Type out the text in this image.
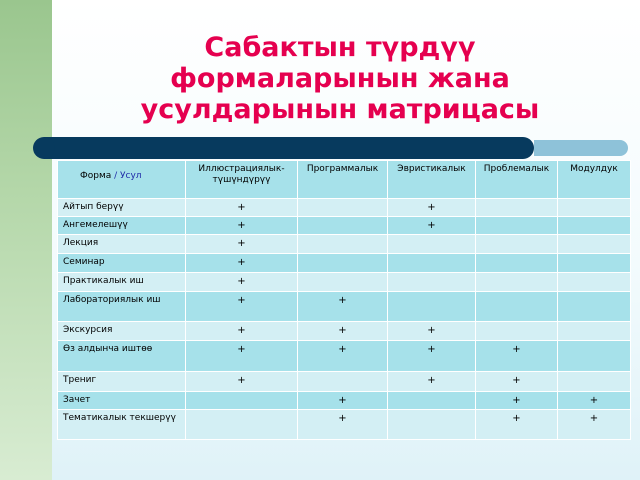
Сабактын түрдүү
формаларынын жана
усулдарынын матрицасы
Форма / Усул	Иллюстрациялык-түшүндүрүү	Программалык	Эвристикалык	Проблемалык	Модулдук
Айтып берүү	+		+		
Ангемелешүү	+		+		
Лекция	+				
Семинар	+				
Практикалык иш	+				
Лабораториялык иш	+	+			
Экскурсия	+	+	+		
Өз алдынча иштөө	+	+	+	+	
Трениг	+		+	+	
Зачет		+		+	+
Тематикалык текшерүү		+		+	+
